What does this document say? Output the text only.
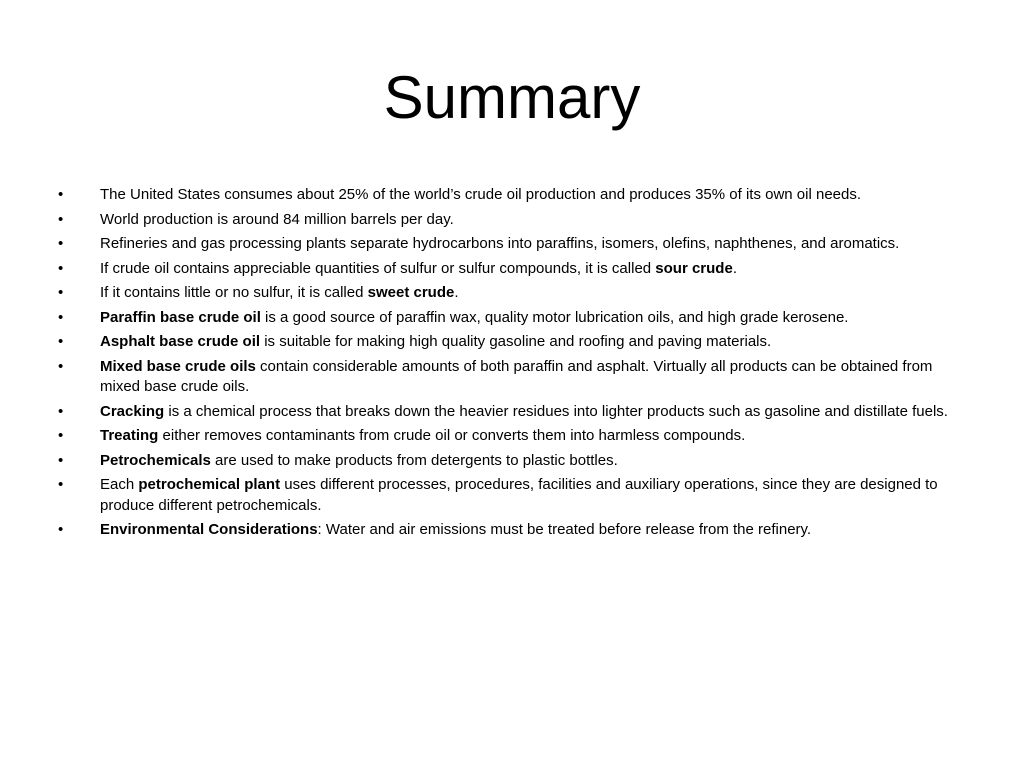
Summary
• The United States consumes about 25% of the world’s crude oil production and produces 35% of its own oil needs.
• World production is around 84 million barrels per day.
• Refineries and gas processing plants separate hydrocarbons into paraffins, isomers, olefins, naphthenes, and aromatics.
• If crude oil contains appreciable quantities of sulfur or sulfur compounds, it is called sour crude.
• If it contains little or no sulfur, it is called sweet crude.
• Paraffin base crude oil is a good source of paraffin wax, quality motor lubrication oils, and high grade kerosene.
• Asphalt base crude oil is suitable for making high quality gasoline and roofing and paving materials.
• Mixed base crude oils contain considerable amounts of both paraffin and asphalt. Virtually all products can be obtained from mixed base crude oils.
• Cracking is a chemical process that breaks down the heavier residues into lighter products such as gasoline and distillate fuels.
• Treating either removes contaminants from crude oil or converts them into harmless compounds.
• Petrochemicals are used to make products from detergents to plastic bottles.
• Each petrochemical plant uses different processes, procedures, facilities and auxiliary operations, since they are designed to produce different petrochemicals.
• Environmental Considerations: Water and air emissions must be treated before release from the refinery.
